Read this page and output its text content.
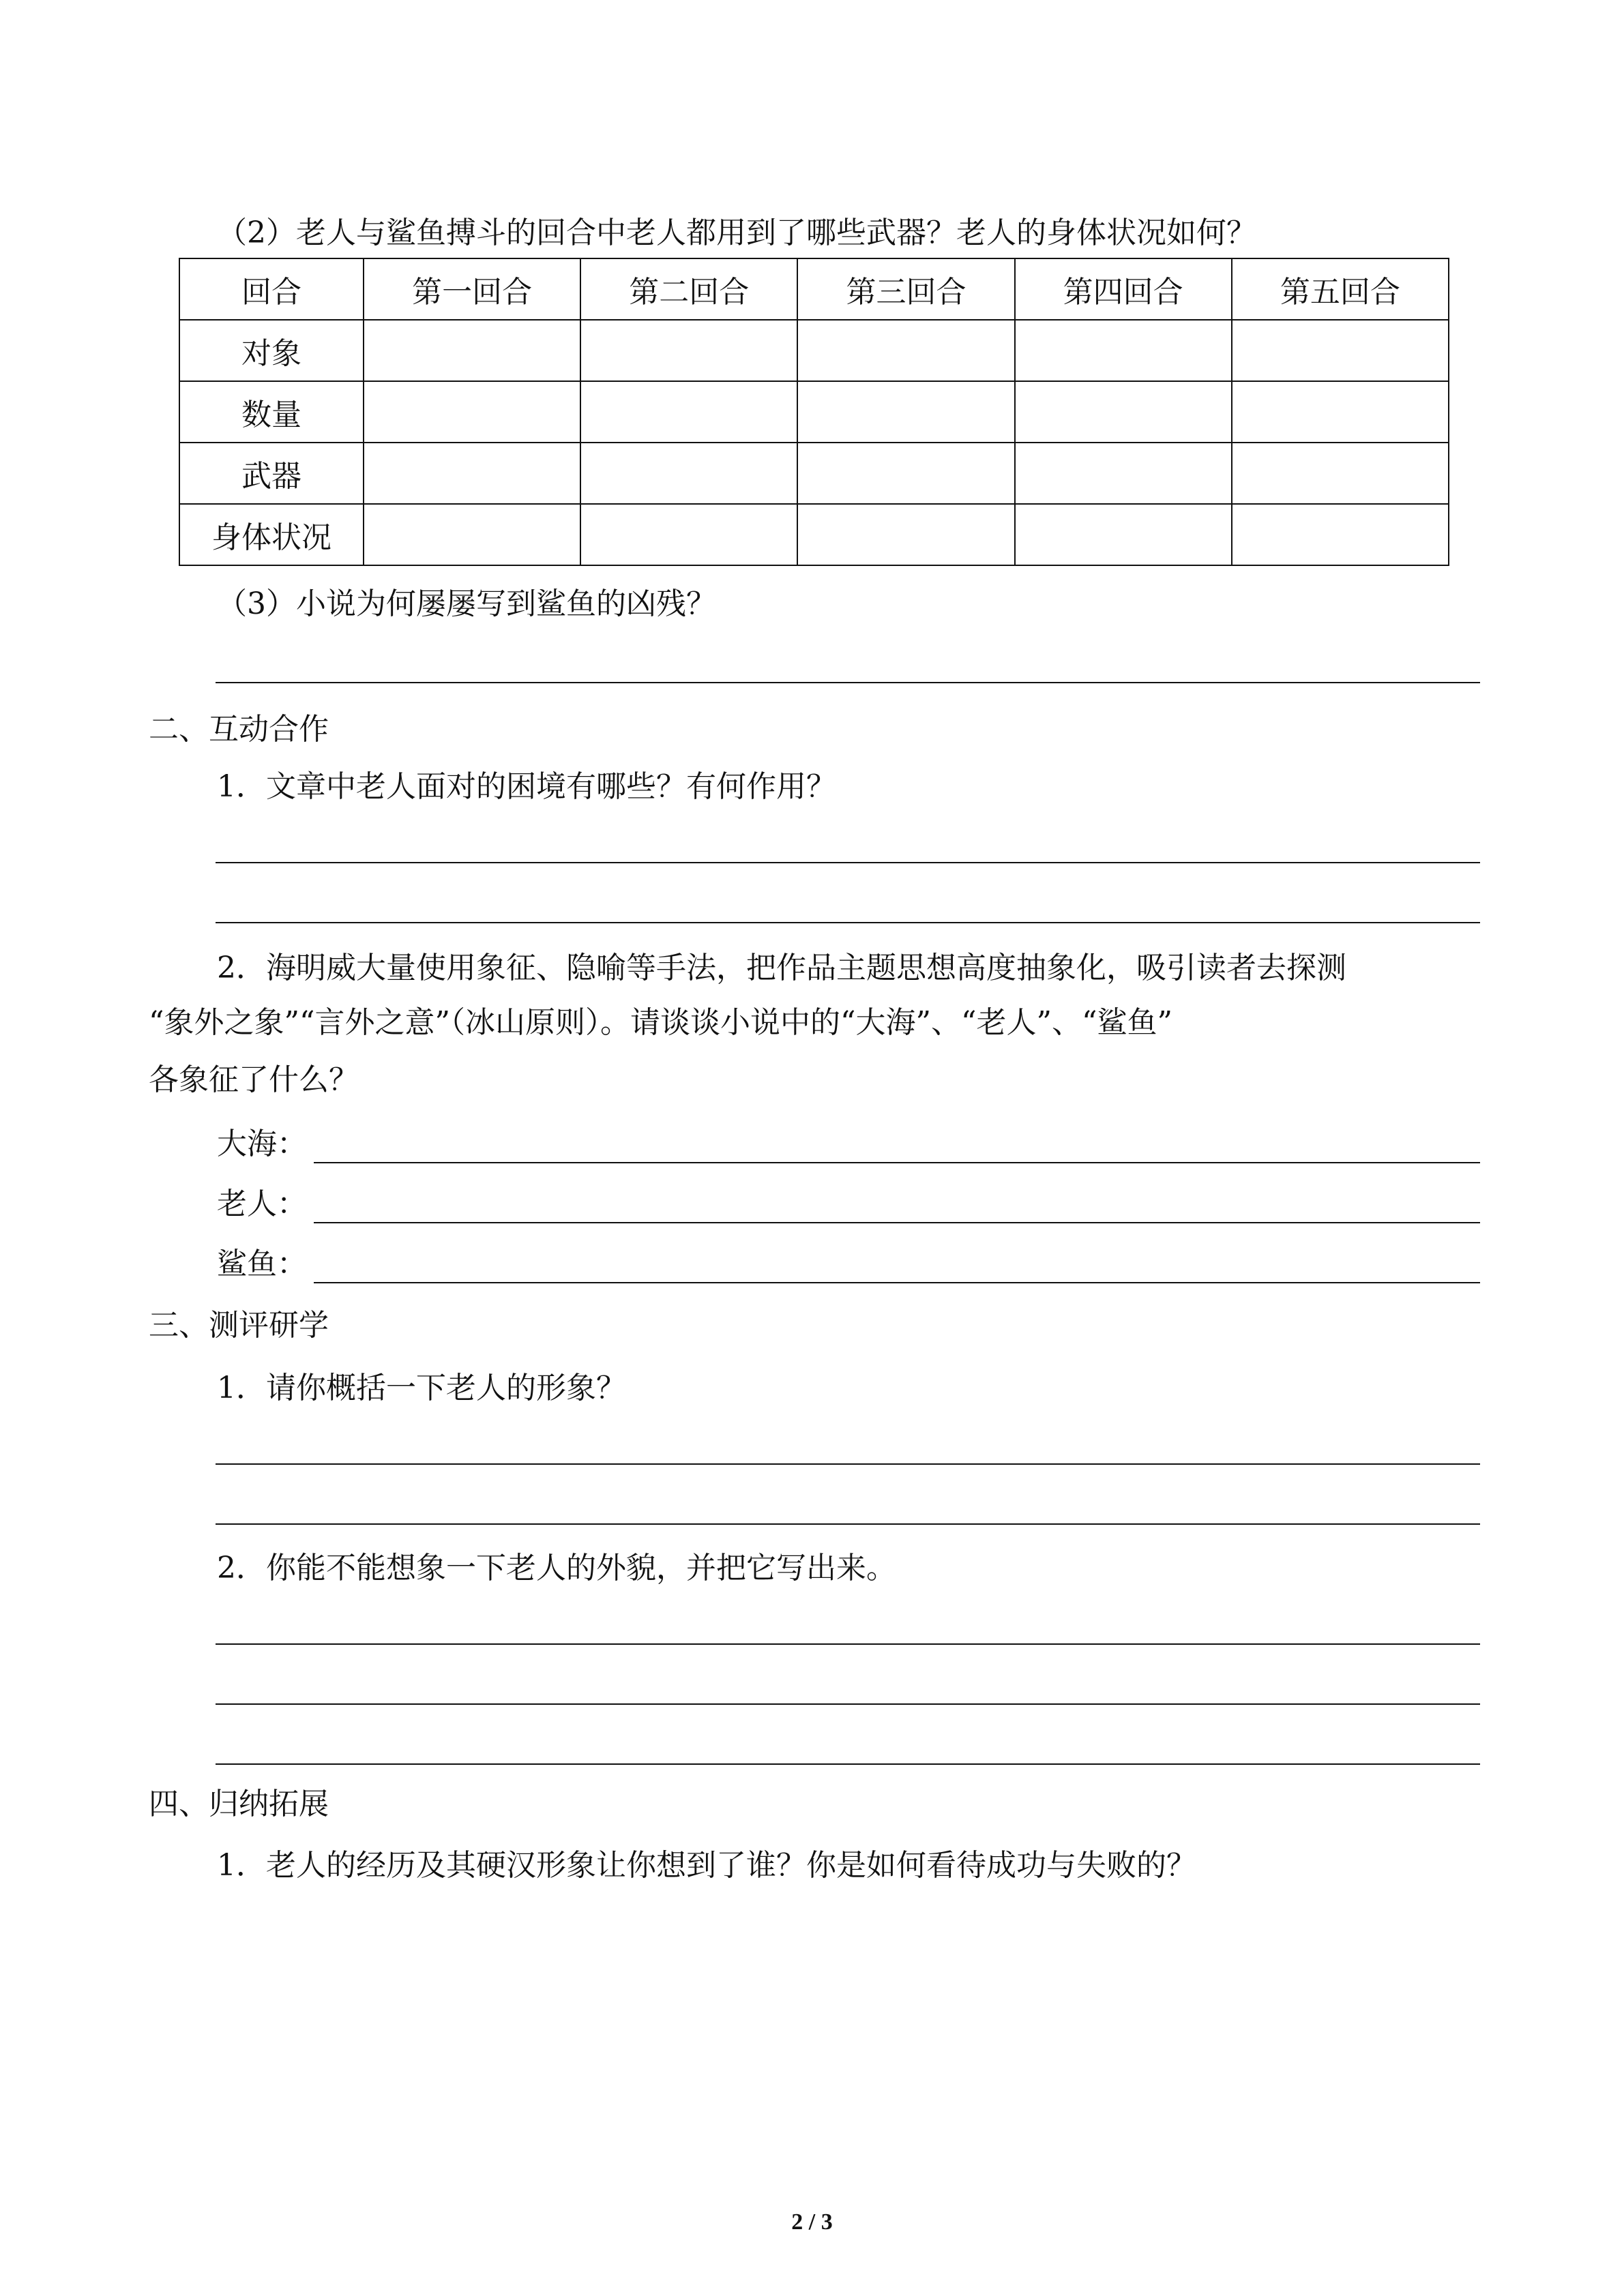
（2）老人与鲨鱼搏斗的回合中老人都用到了哪些武器？老人的身体状况如何？
回合	第一回合	第二回合	第三回合	第四回合	第五回合
对象					
数量					
武器					
身体状况					
（3）小说为何屡屡写到鲨鱼的凶残？
二、互动合作
1．文章中老人面对的困境有哪些？有何作用？
2．海明威大量使用象征、隐喻等手法，把作品主题思想高度抽象化，吸引读者去探测
“象外之象”“言外之意”（冰山原则）。请谈谈小说中的“大海”、“老人”、“鲨鱼”
各象征了什么？
大海：
老人：
鲨鱼：
三、测评研学
1．请你概括一下老人的形象？
2．你能不能想象一下老人的外貌，并把它写出来。
四、归纳拓展
1．老人的经历及其硬汉形象让你想到了谁？你是如何看待成功与失败的？
2 / 3
